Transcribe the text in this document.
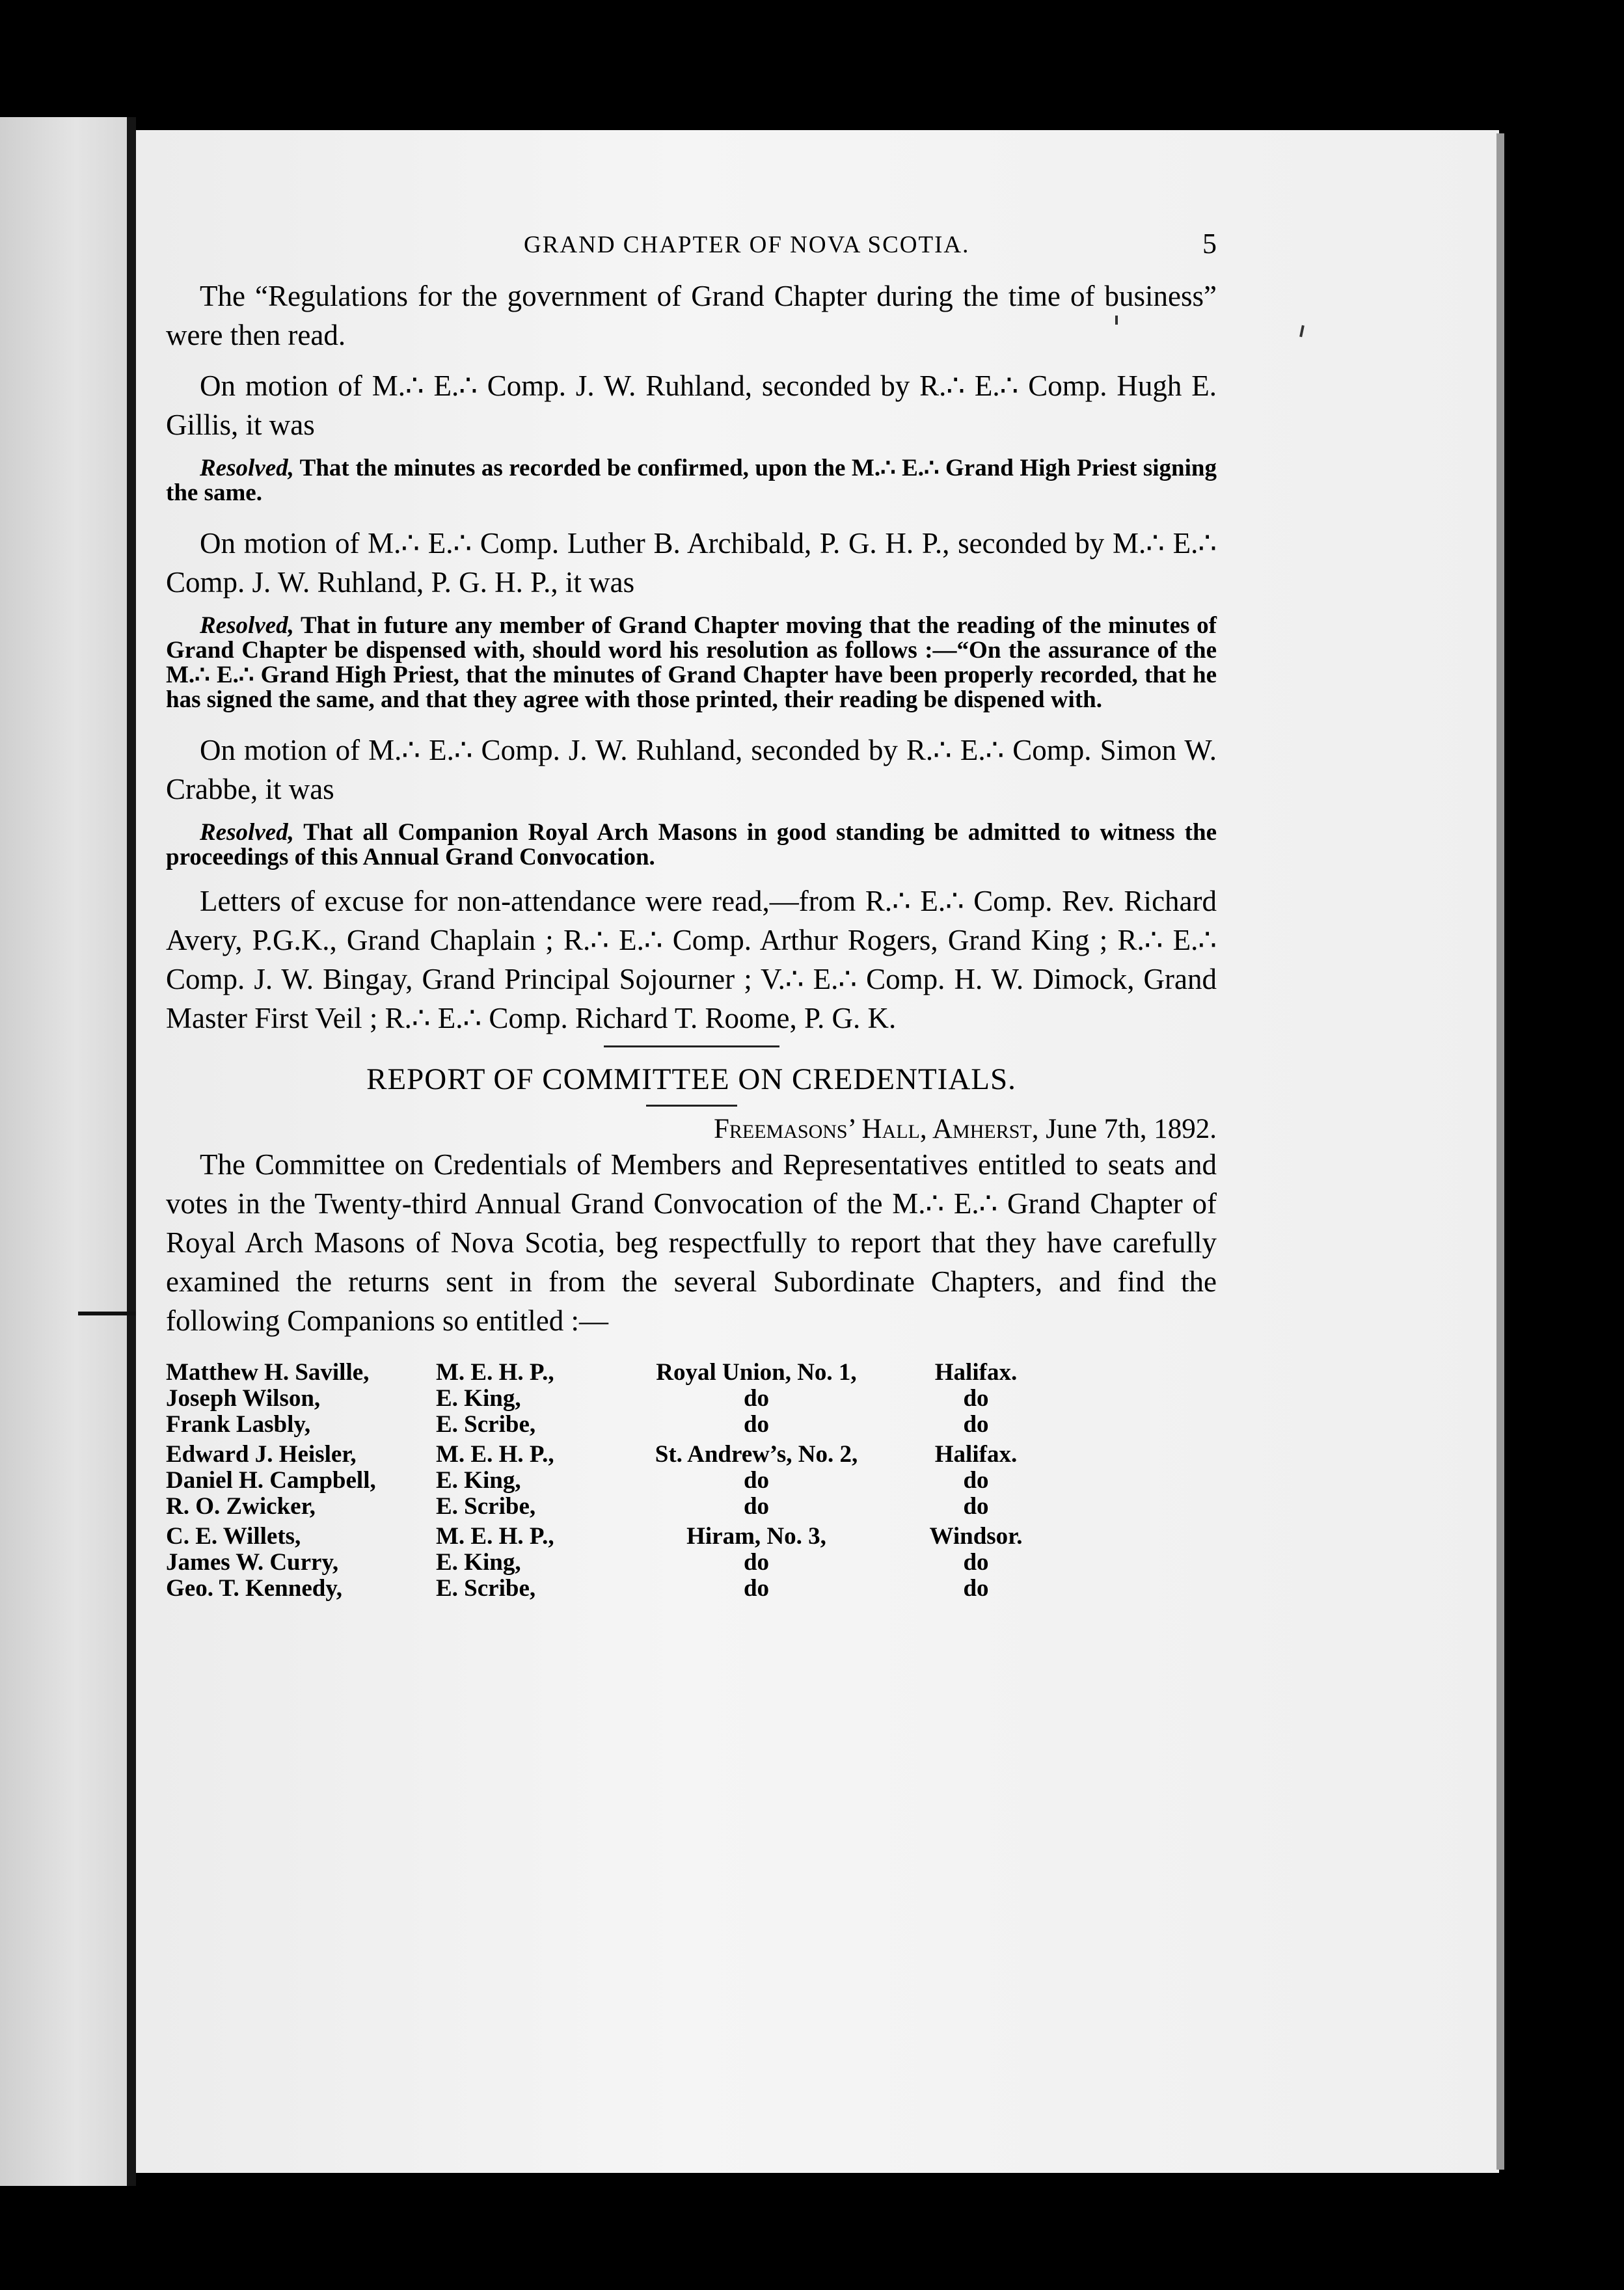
GRAND CHAPTER OF NOVA SCOTIA.	5

The “Regulations for the government of Grand Chapter during the time of business” were then read.

On motion of M.∴ E.∴ Comp. J. W. Ruhland, seconded by R.∴ E.∴ Comp. Hugh E. Gillis, it was

Resolved, That the minutes as recorded be confirmed, upon the M.∴ E.∴ Grand High Priest signing the same.

On motion of M.∴ E.∴ Comp. Luther B. Archibald, P. G. H. P., seconded by M.∴ E.∴ Comp. J. W. Ruhland, P. G. H. P., it was

Resolved, That in future any member of Grand Chapter moving that the reading of the minutes of Grand Chapter be dispensed with, should word his resolution as follows :—“On the assurance of the M.∴ E.∴ Grand High Priest, that the minutes of Grand Chapter have been properly recorded, that he has signed the same, and that they agree with those printed, their reading be dispened with.

On motion of M.∴ E.∴ Comp. J. W. Ruhland, seconded by R.∴ E.∴ Comp. Simon W. Crabbe, it was

Resolved, That all Companion Royal Arch Masons in good standing be admitted to witness the proceedings of this Annual Grand Convocation.

Letters of excuse for non-attendance were read,—from R.∴ E.∴ Comp. Rev. Richard Avery, P.G.K., Grand Chaplain ; R.∴ E.∴ Comp. Arthur Rogers, Grand King ; R.∴ E.∴ Comp. J. W. Bingay, Grand Principal Sojourner ; V.∴ E.∴ Comp. H. W. Dimock, Grand Master First Veil ; R.∴ E.∴ Comp. Richard T. Roome, P. G. K.

REPORT OF COMMITTEE ON CREDENTIALS.
Freemasons’ Hall, Amherst, June 7th, 1892.

The Committee on Credentials of Members and Representatives entitled to seats and votes in the Twenty-third Annual Grand Convocation of the M.∴ E.∴ Grand Chapter of Royal Arch Masons of Nova Scotia, beg respectfully to report that they have carefully examined the returns sent in from the several Subordinate Chapters, and find the following Companions so entitled :—

Matthew H. Saville,	M. E. H. P.,	Royal Union, No. 1,	Halifax.
Joseph Wilson,	E. King,	do	do
Frank Lasbly,	E. Scribe,	do	do
Edward J. Heisler,	M. E. H. P.,	St. Andrew’s, No. 2,	Halifax.
Daniel H. Campbell,	E. King,	do	do
R. O. Zwicker,	E. Scribe,	do	do
C. E. Willets,	M. E. H. P.,	Hiram, No. 3,	Windsor.
James W. Curry,	E. King,	do	do
Geo. T. Kennedy,	E. Scribe,	do	do
